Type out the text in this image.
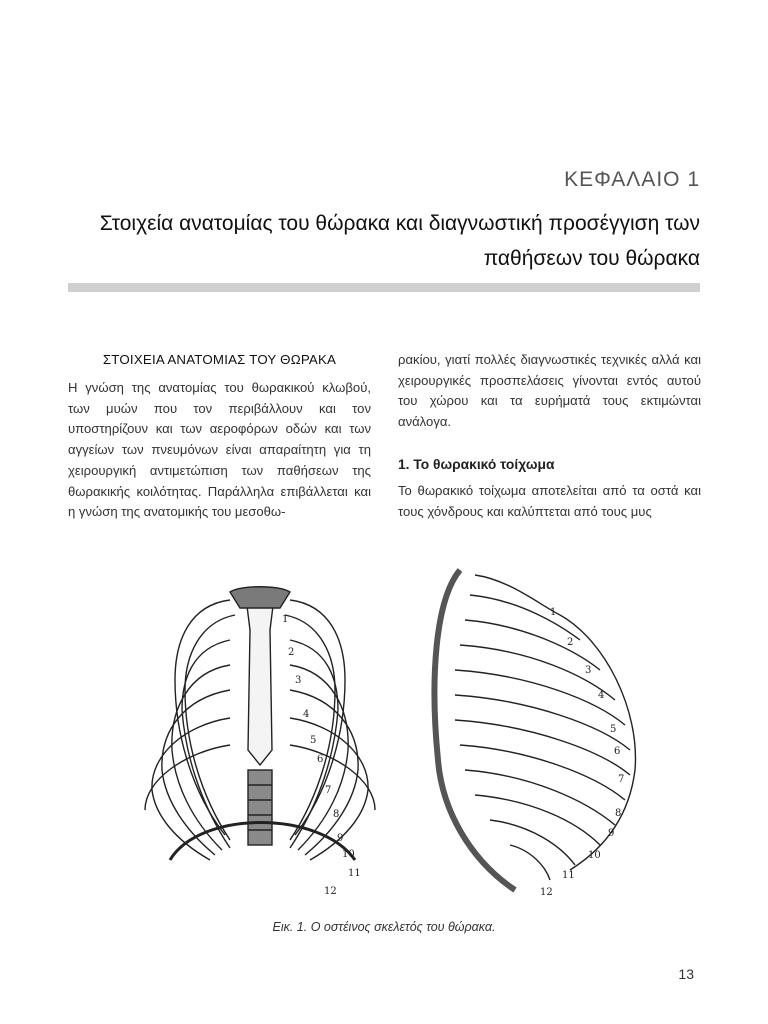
ΚΕΦΑΛΑΙΟ 1
Στοιχεία ανατομίας του θώρακα και διαγνωστική προσέγγιση των παθήσεων του θώρακα
ΣΤΟΙΧΕΙΑ ΑΝΑΤΟΜΙΑΣ ΤΟΥ ΘΩΡΑΚΑ

Η γνώση της ανατομίας του θωρακικού κλωβού, των μυών που τον περιβάλλουν και τον υποστηρίζουν και των αεροφόρων οδών και των αγγείων των πνευμόνων είναι απαραίτητη για τη χειρουργική αντιμετώπιση των παθήσεων της θωρακικής κοιλότητας. Παράλληλα επιβάλλεται και η γνώση της ανατομικής του μεσοθω-

ρακίου, γιατί πολλές διαγνωστικές τεχνικές αλλά και χειρουργικές προσπελάσεις γίνονται εντός αυτού του χώρου και τα ευρήματά τους εκτιμώνται ανάλογα.

1. Το θωρακικό τοίχωμα

Το θωρακικό τοίχωμα αποτελείται από τα οστά και τους χόνδρους και καλύπτεται από τους μυς

1
2
3
4
5
6
7
8
9
10
11
12
1
2
3
4
5
6
7
8
9
10
11
12
Εικ. 1. Ο οστέινος σκελετός του θώρακα.
13
